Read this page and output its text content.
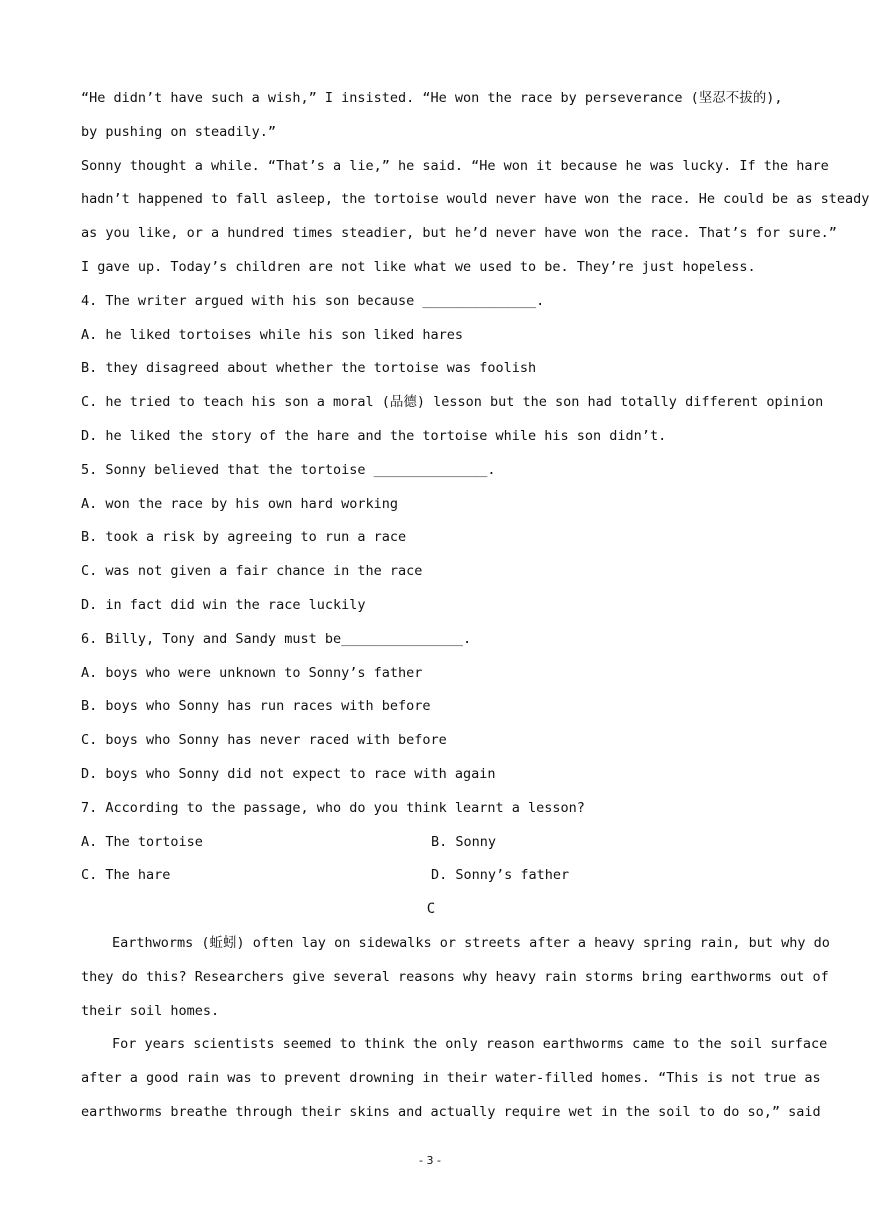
“He didn’t have such a wish,” I insisted. “He won the race by perseverance (坚忍不拔的),
by pushing on steadily.”
Sonny thought a while. “That’s a lie,” he said. “He won it because he was lucky. If the hare
hadn’t happened to fall asleep, the tortoise would never have won the race. He could be as steady
as you like, or a hundred times steadier, but he’d never have won the race. That’s for sure.”
I gave up. Today’s children are not like what we used to be. They’re just hopeless.
4. The writer argued with his son because ______________.
A. he liked tortoises while his son liked hares
B. they disagreed about whether the tortoise was foolish
C. he tried to teach his son a moral (品德) lesson but the son had totally different opinion
D. he liked the story of the hare and the tortoise while his son didn’t.
5. Sonny believed that the tortoise ______________.
A. won the race by his own hard working
B. took a risk by agreeing to run a race
C. was not given a fair chance in the race
D. in fact did win the race luckily
6. Billy, Tony and Sandy must be_______________.
A. boys who were unknown to Sonny’s father
B. boys who Sonny has run races with before
C. boys who Sonny has never raced with before
D. boys who Sonny did not expect to race with again
7. According to the passage, who do you think learnt a lesson?
A. The tortoise	B. Sonny
C. The hare	D. Sonny’s father
C
Earthworms (蚯蚓) often lay on sidewalks or streets after a heavy spring rain, but why do
they do this? Researchers give several reasons why heavy rain storms bring earthworms out of
their soil homes.
For years scientists seemed to think the only reason earthworms came to the soil surface
after a good rain was to prevent drowning in their water-filled homes. “This is not true as
earthworms breathe through their skins and actually require wet in the soil to do so,” said
- 3 -
